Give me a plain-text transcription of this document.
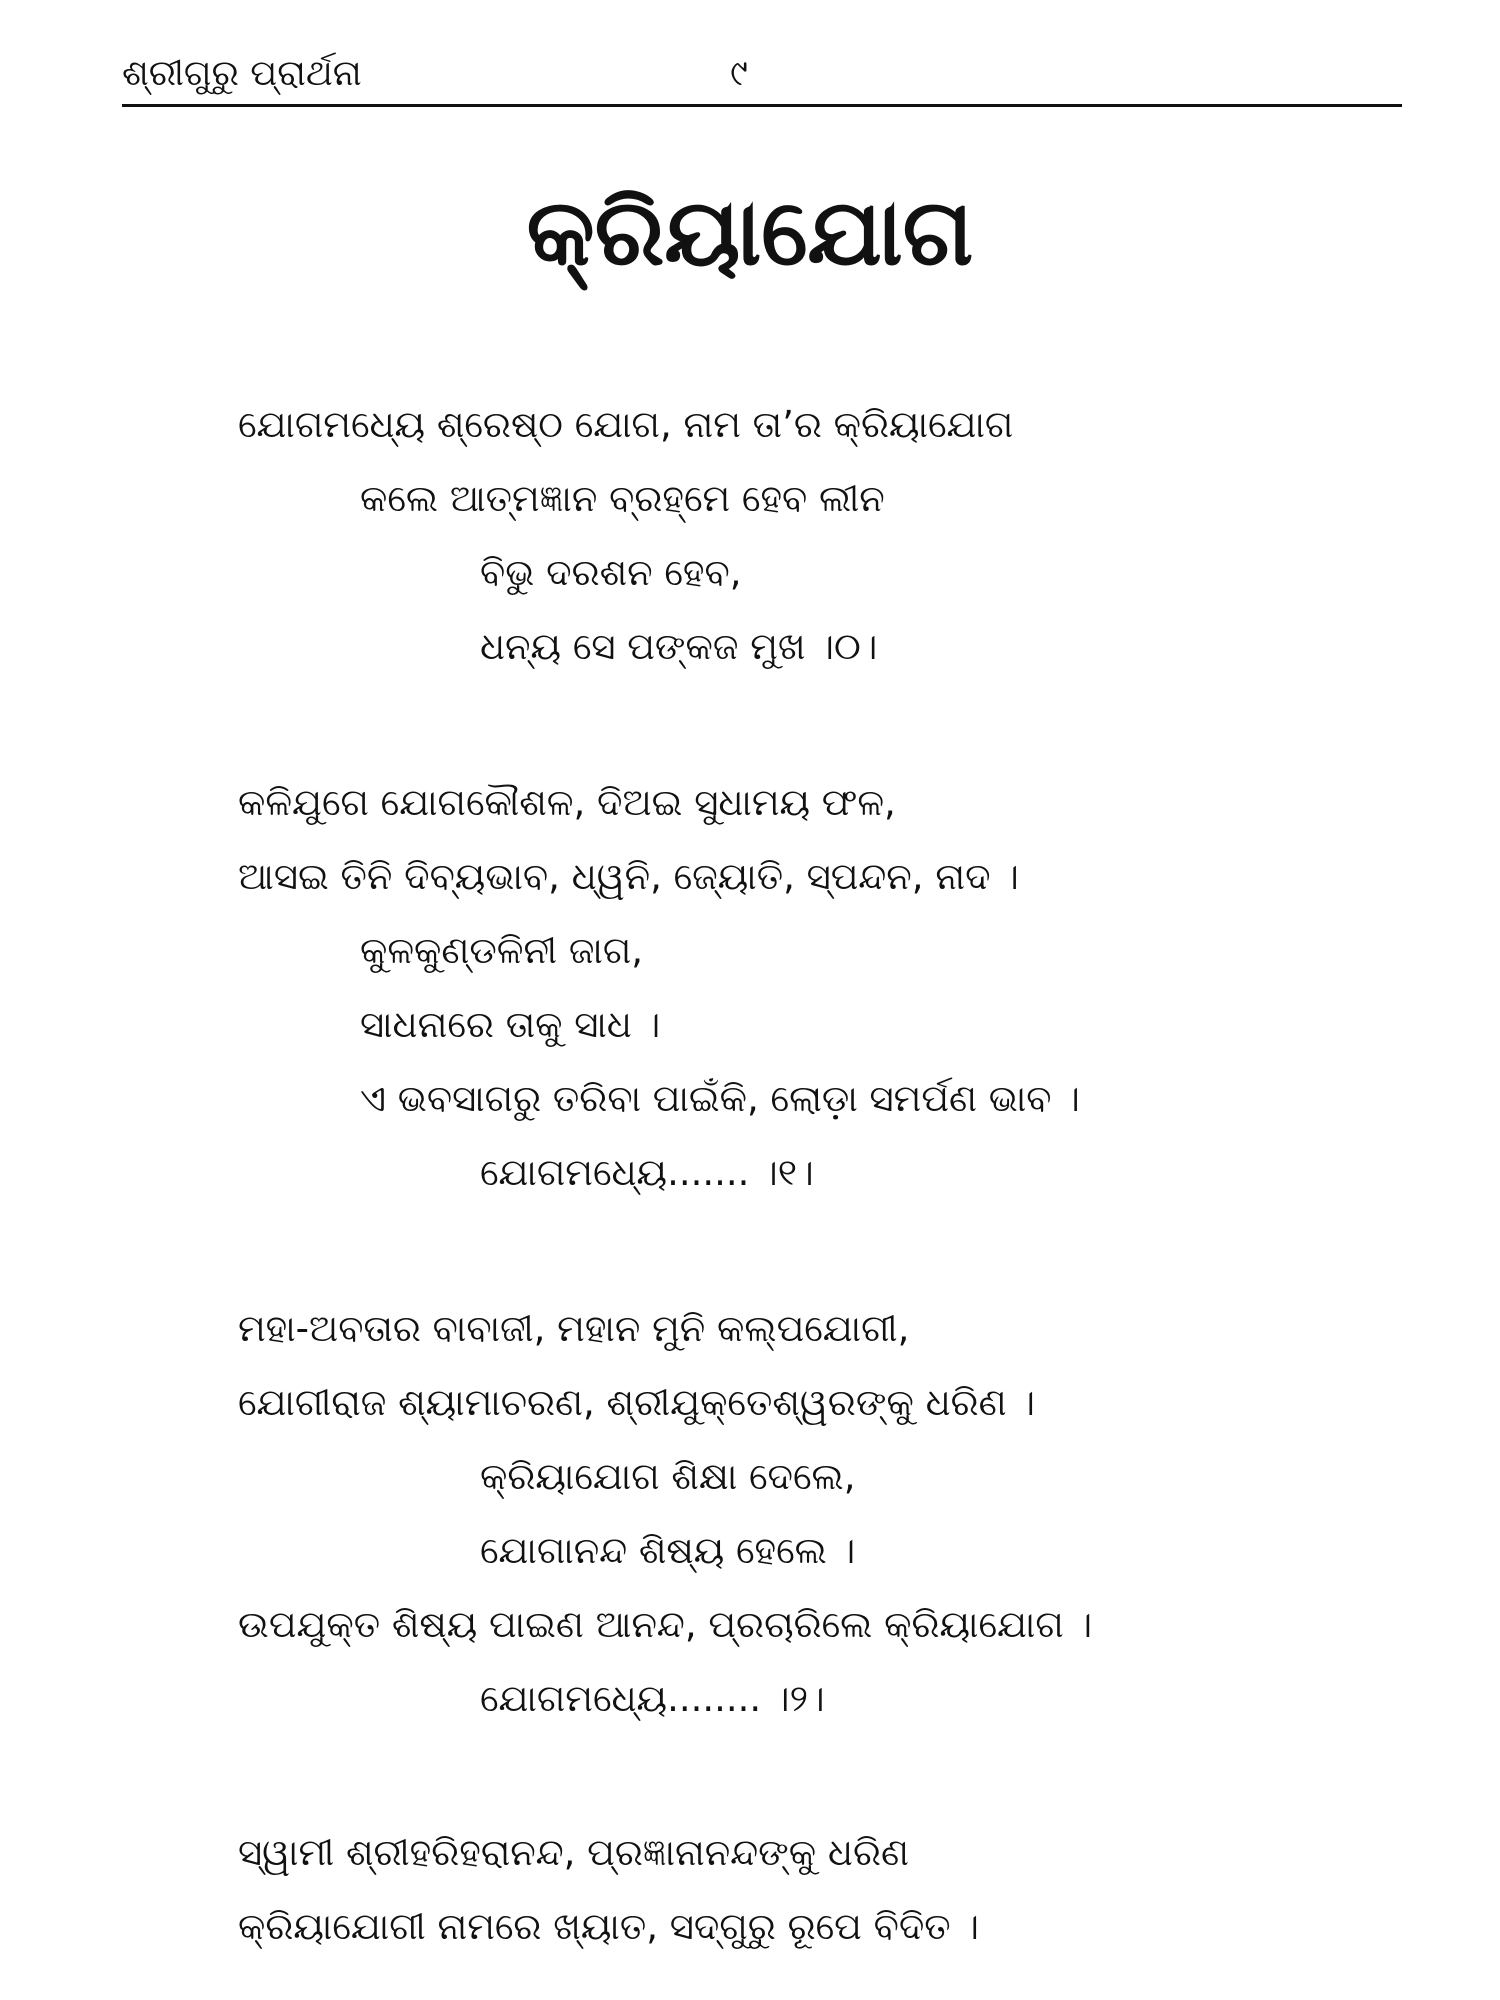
ଶ୍ରୀଗୁରୁ ପ୍ରାର୍ଥନା	୯
କ୍ରିୟାଯୋଗ
ଯୋଗମଧ୍ୟେ ଶ୍ରେଷ୍ଠ ଯୋଗ, ନାମ ତା’ର କ୍ରିୟାଯୋଗ
କଲେ ଆତ୍ମଜ୍ଞାନ ବ୍ରହ୍ମେ ହେବ ଲୀନ
ବିଭୁ ଦରଶନ ହେବ,
ଧନ୍ୟ ସେ ପଙ୍କଜ ମୁଖ ।୦।
କଳିଯୁଗେ ଯୋଗକୌଶଳ, ଦିଅଇ ସୁଧାମୟ ଫଳ,
ଆସଇ ତିନି ଦିବ୍ୟଭାବ, ଧ୍ୱନି, ଜ୍ୟୋତି, ସ୍ପନ୍ଦନ, ନାଦ ।
କୁଳକୁଣ୍ଡଳିନୀ ଜାଗ,
ସାଧନାରେ ତାକୁ ସାଧ ।
ଏ ଭବସାଗରୁ ତରିବା ପାଇଁକି, ଲୋଡ଼ା ସମର୍ପଣ ଭାବ ।
ଯୋଗମଧ୍ୟେ....... ।୧।
ମହା-ଅବତାର ବାବାଜୀ, ମହାନ ମୁନି କଲ୍ପଯୋଗୀ,
ଯୋଗୀରାଜ ଶ୍ୟାମାଚରଣ, ଶ୍ରୀଯୁକ୍ତେଶ୍ୱରଙ୍କୁ ଧରିଣ ।
କ୍ରିୟାଯୋଗ ଶିକ୍ଷା ଦେଲେ,
ଯୋଗାନନ୍ଦ ଶିଷ୍ୟ ହେଲେ ।
ଉପଯୁକ୍ତ ଶିଷ୍ୟ ପାଇଣ ଆନନ୍ଦ, ପ୍ରଚାରିଲେ କ୍ରିୟାଯୋଗ ।
ଯୋଗମଧ୍ୟେ........ ।୨।
ସ୍ୱାମୀ ଶ୍ରୀହରିହରାନନ୍ଦ, ପ୍ରଜ୍ଞାନାନନ୍ଦଙ୍କୁ ଧରିଣ
କ୍ରିୟାଯୋଗୀ ନାମରେ ଖ୍ୟାତ, ସଦ୍‌ଗୁରୁ ରୂପେ ବିଦିତ ।
